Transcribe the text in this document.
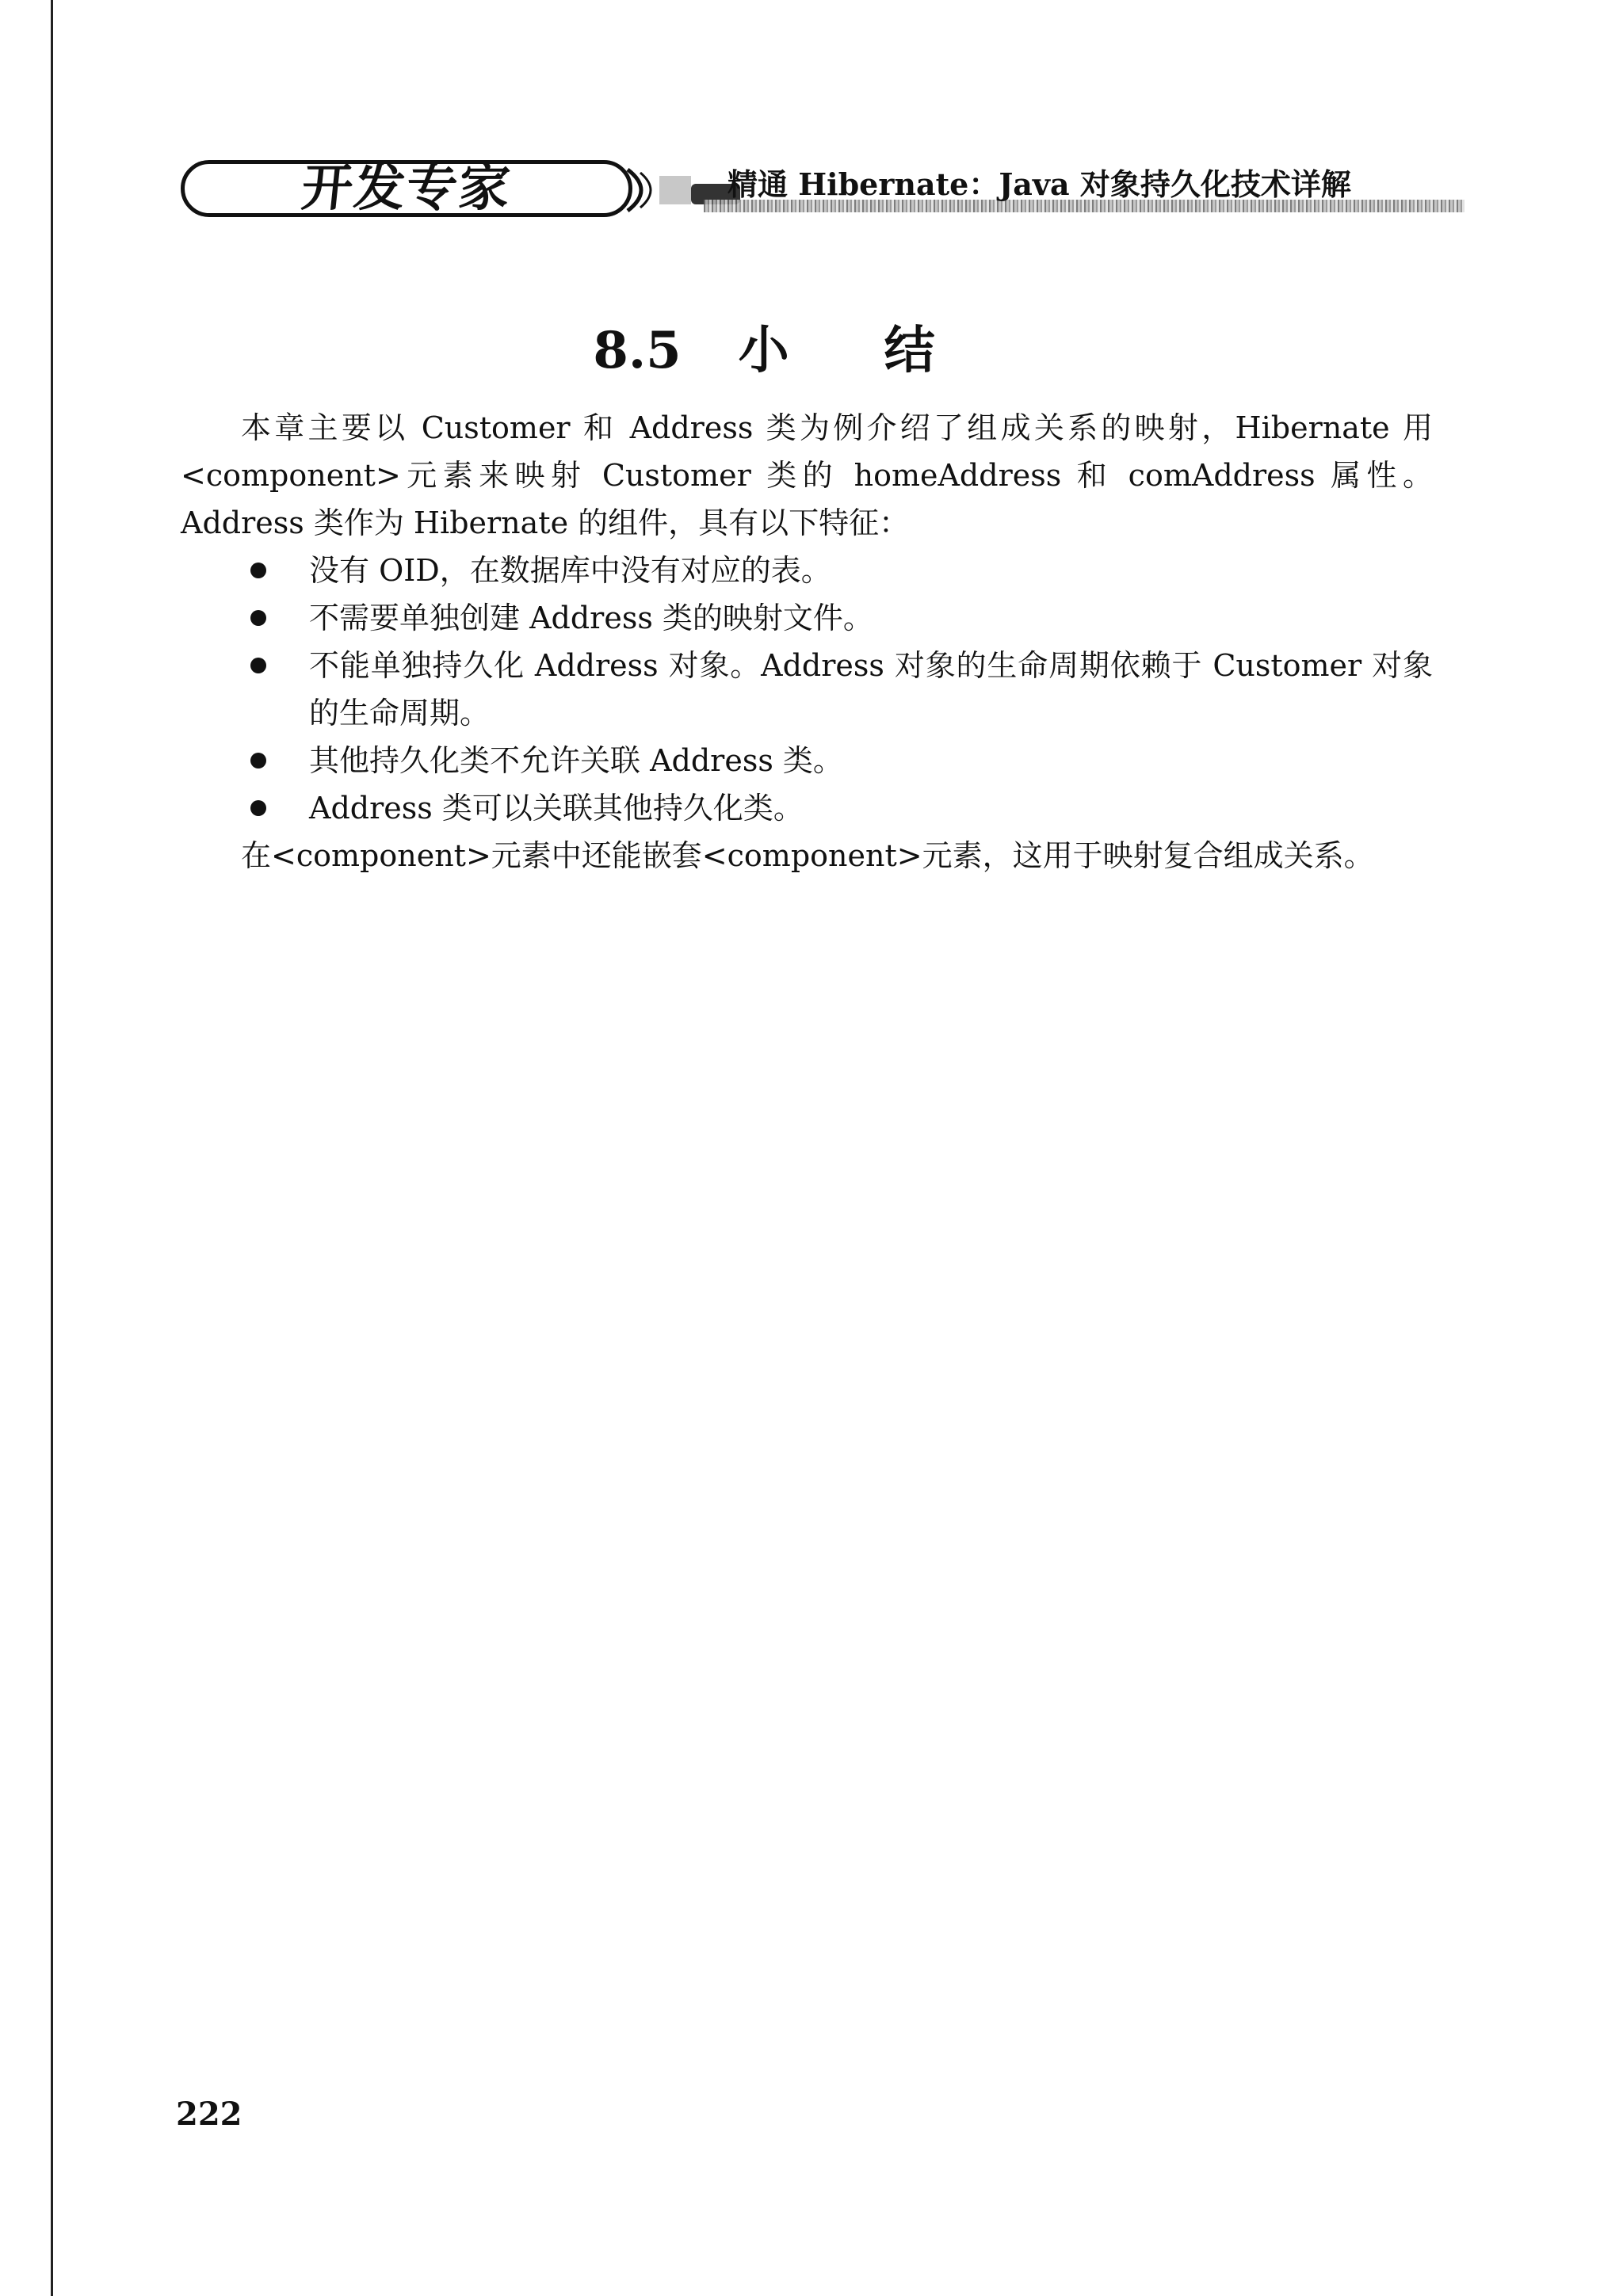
开发专家	精通 Hibernate：Java 对象持久化技术详解
8.5 小结

本章主要以 Customer 和 Address 类为例介绍了组成关系的映射，Hibernate 用<component>元素来映射 Customer 类的 homeAddress 和 comAddress 属性。Address 类作为 Hibernate 的组件，具有以下特征：

没有 OID，在数据库中没有对应的表。
不需要单独创建 Address 类的映射文件。
不能单独持久化 Address 对象。Address 对象的生命周期依赖于 Customer 对象的生命周期。
其他持久化类不允许关联 Address 类。
Address 类可以关联其他持久化类。

在<component>元素中还能嵌套<component>元素，这用于映射复合组成关系。

222
